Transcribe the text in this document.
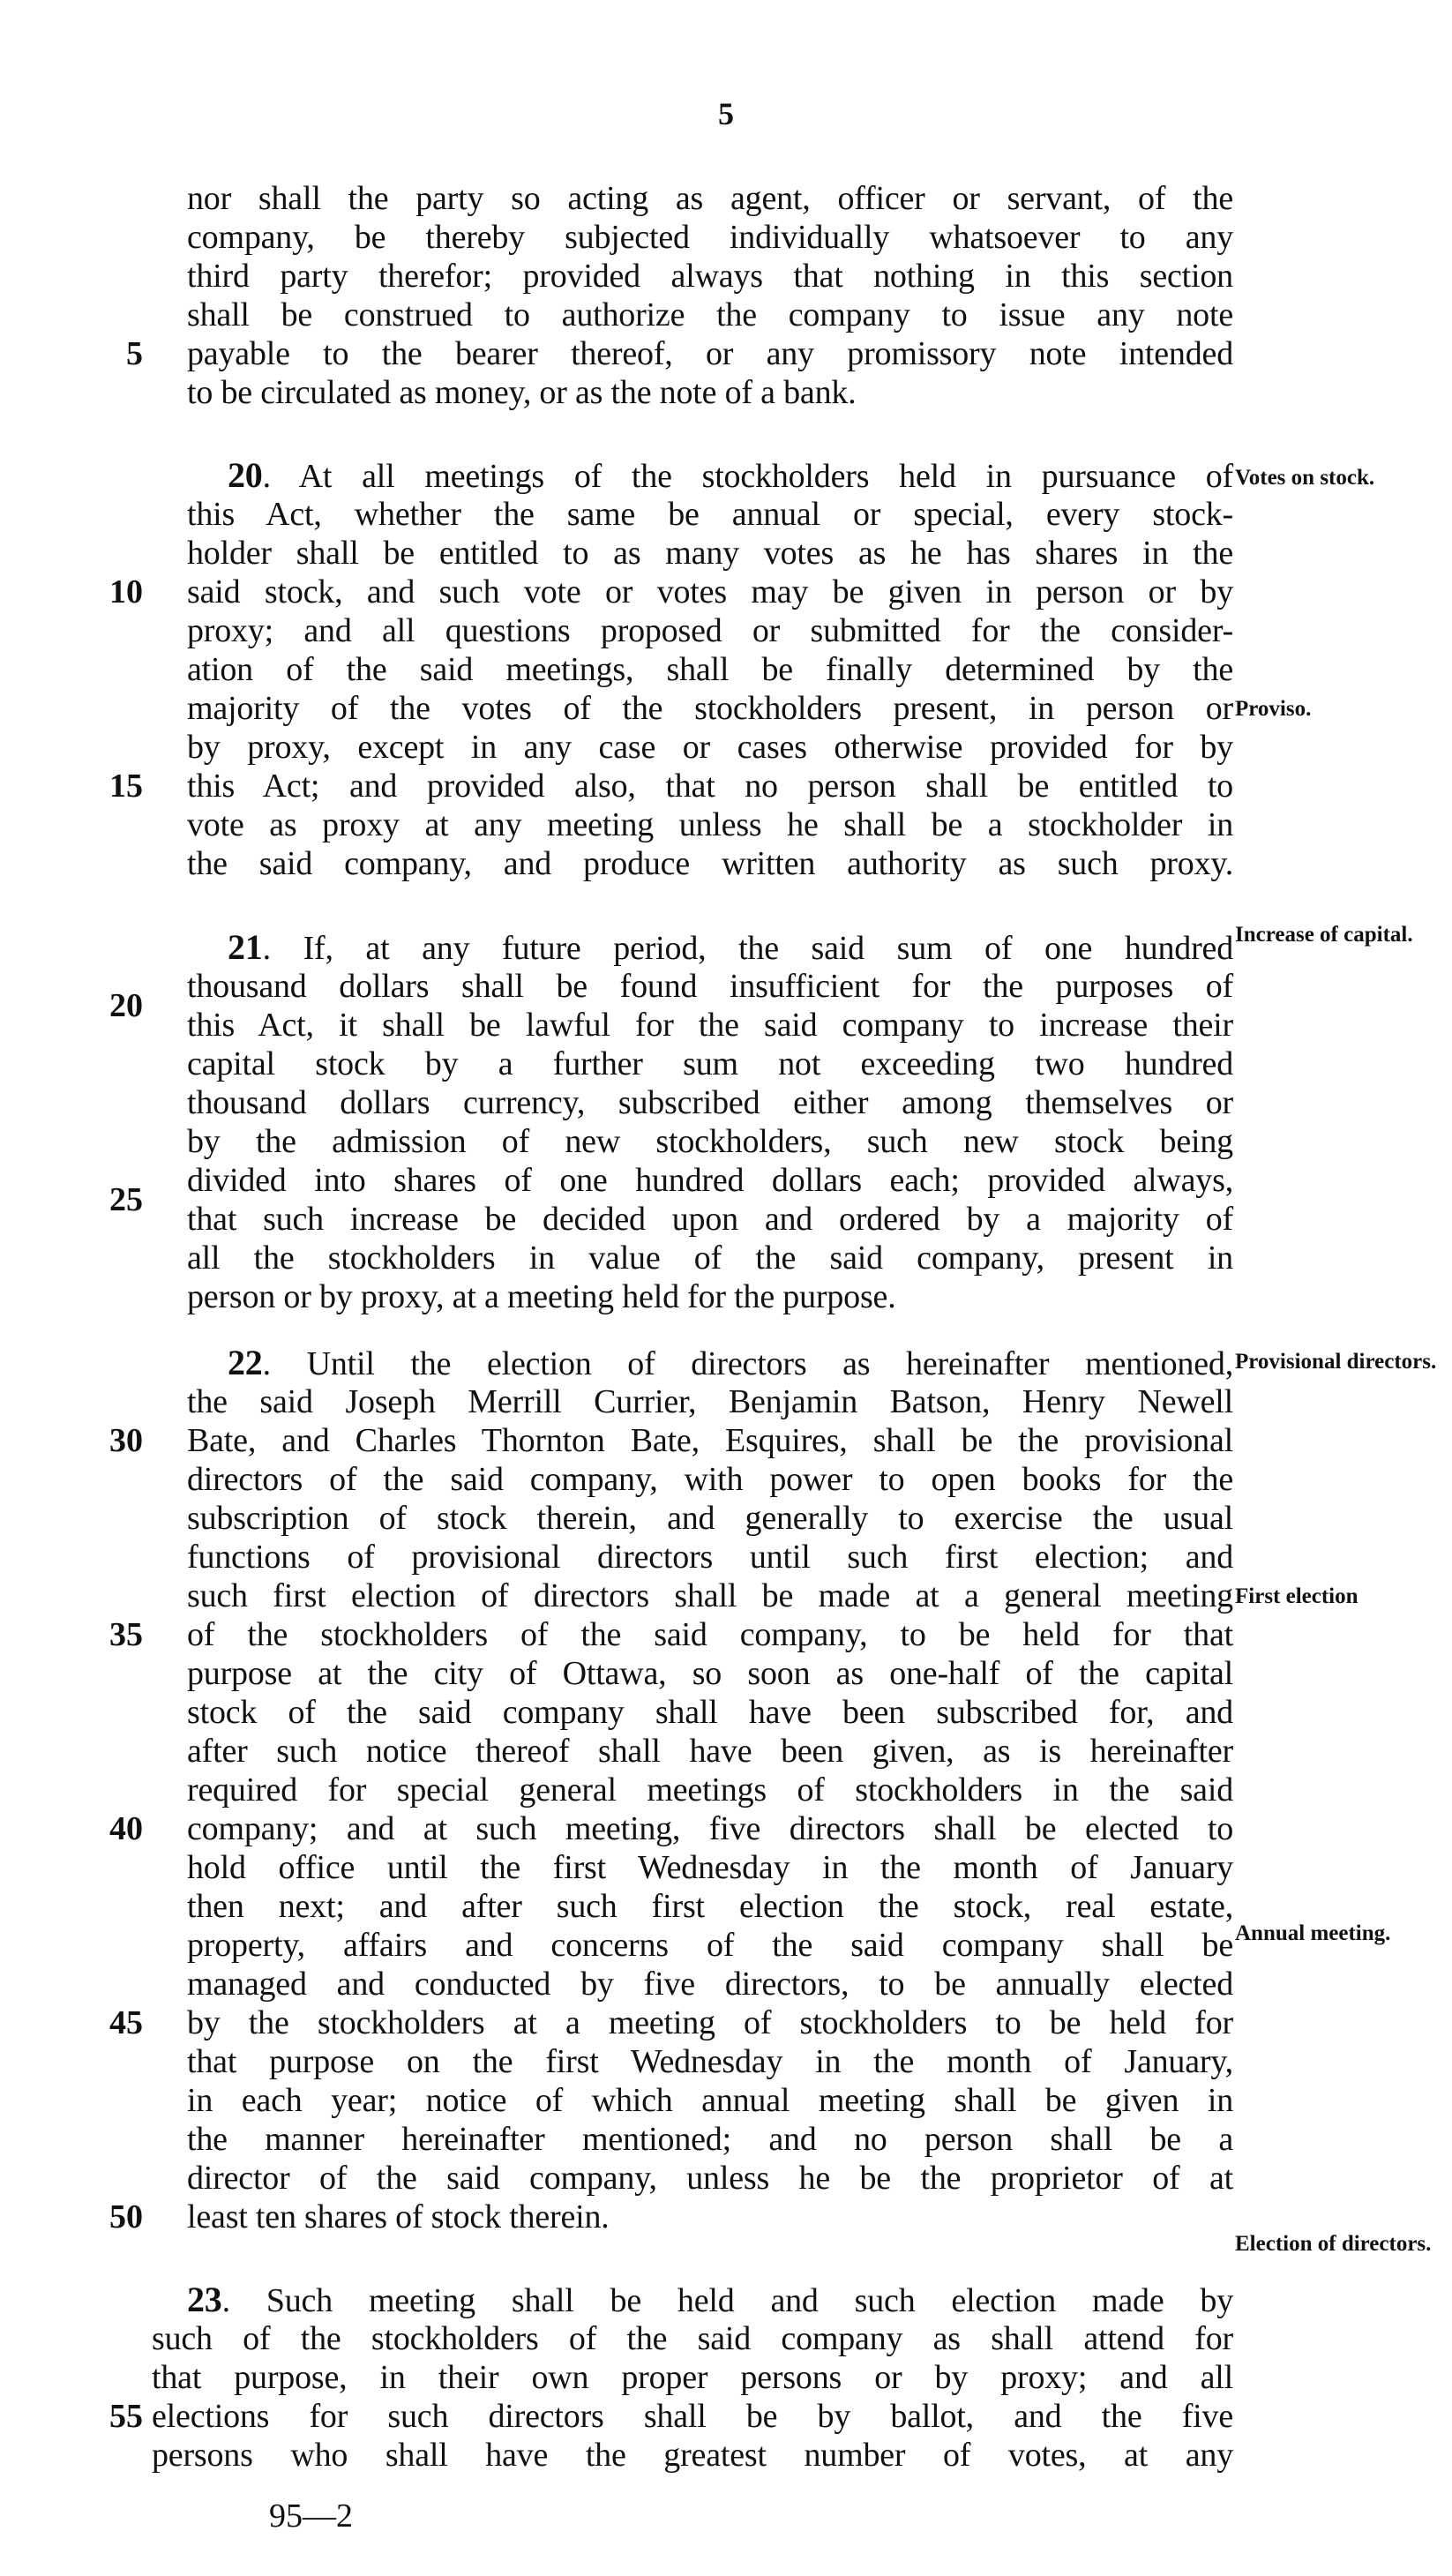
5
nor shall the party so acting as agent, officer or servant, of the
company, be thereby subjected individually whatsoever to any
third party therefor; provided always that nothing in this section
shall be construed to authorize the company to issue any note
payable to the bearer thereof, or any promissory note intended
to be circulated as money, or as the note of a bank.
5
20. At all meetings of the stockholders held in pursuance of
this Act, whether the same be annual or special, every stock-
holder shall be entitled to as many votes as he has shares in the
said stock, and such vote or votes may be given in person or by
proxy; and all questions proposed or submitted for the consider-
ation of the said meetings, shall be finally determined by the
majority of the votes of the stockholders present, in person or
by proxy, except in any case or cases otherwise provided for by
this Act; and provided also, that no person shall be entitled to
vote as proxy at any meeting unless he shall be a stockholder in
the said company, and produce written authority as such proxy.
10
15
Votes on stock.
Proviso.
21. If, at any future period, the said sum of one hundred
thousand dollars shall be found insufficient for the purposes of
this Act, it shall be lawful for the said company to increase their
capital stock by a further sum not exceeding two hundred
thousand dollars currency, subscribed either among themselves or
by the admission of new stockholders, such new stock being
divided into shares of one hundred dollars each; provided always,
that such increase be decided upon and ordered by a majority of
all the stockholders in value of the said company, present in
person or by proxy, at a meeting held for the purpose.
20
25
Increase of capital.
22. Until the election of directors as hereinafter mentioned,
the said Joseph Merrill Currier, Benjamin Batson, Henry Newell
Bate, and Charles Thornton Bate, Esquires, shall be the provisional
directors of the said company, with power to open books for the
subscription of stock therein, and generally to exercise the usual
functions of provisional directors until such first election; and
such first election of directors shall be made at a general meeting
of the stockholders of the said company, to be held for that
purpose at the city of Ottawa, so soon as one-half of the capital
stock of the said company shall have been subscribed for, and
after such notice thereof shall have been given, as is hereinafter
required for special general meetings of stockholders in the said
company; and at such meeting, five directors shall be elected to
hold office until the first Wednesday in the month of January
then next; and after such first election the stock, real estate,
property, affairs and concerns of the said company shall be
managed and conducted by five directors, to be annually elected
by the stockholders at a meeting of stockholders to be held for
that purpose on the first Wednesday in the month of January,
in each year; notice of which annual meeting shall be given in
the manner hereinafter mentioned; and no person shall be a
director of the said company, unless he be the proprietor of at
least ten shares of stock therein.
30
35
40
45
50
Provisional directors.
First election
Annual meeting.
Election of directors.
23. Such meeting shall be held and such election made by
such of the stockholders of the said company as shall attend for
that purpose, in their own proper persons or by proxy; and all
elections for such directors shall be by ballot, and the five
persons who shall have the greatest number of votes, at any
55
95—2
